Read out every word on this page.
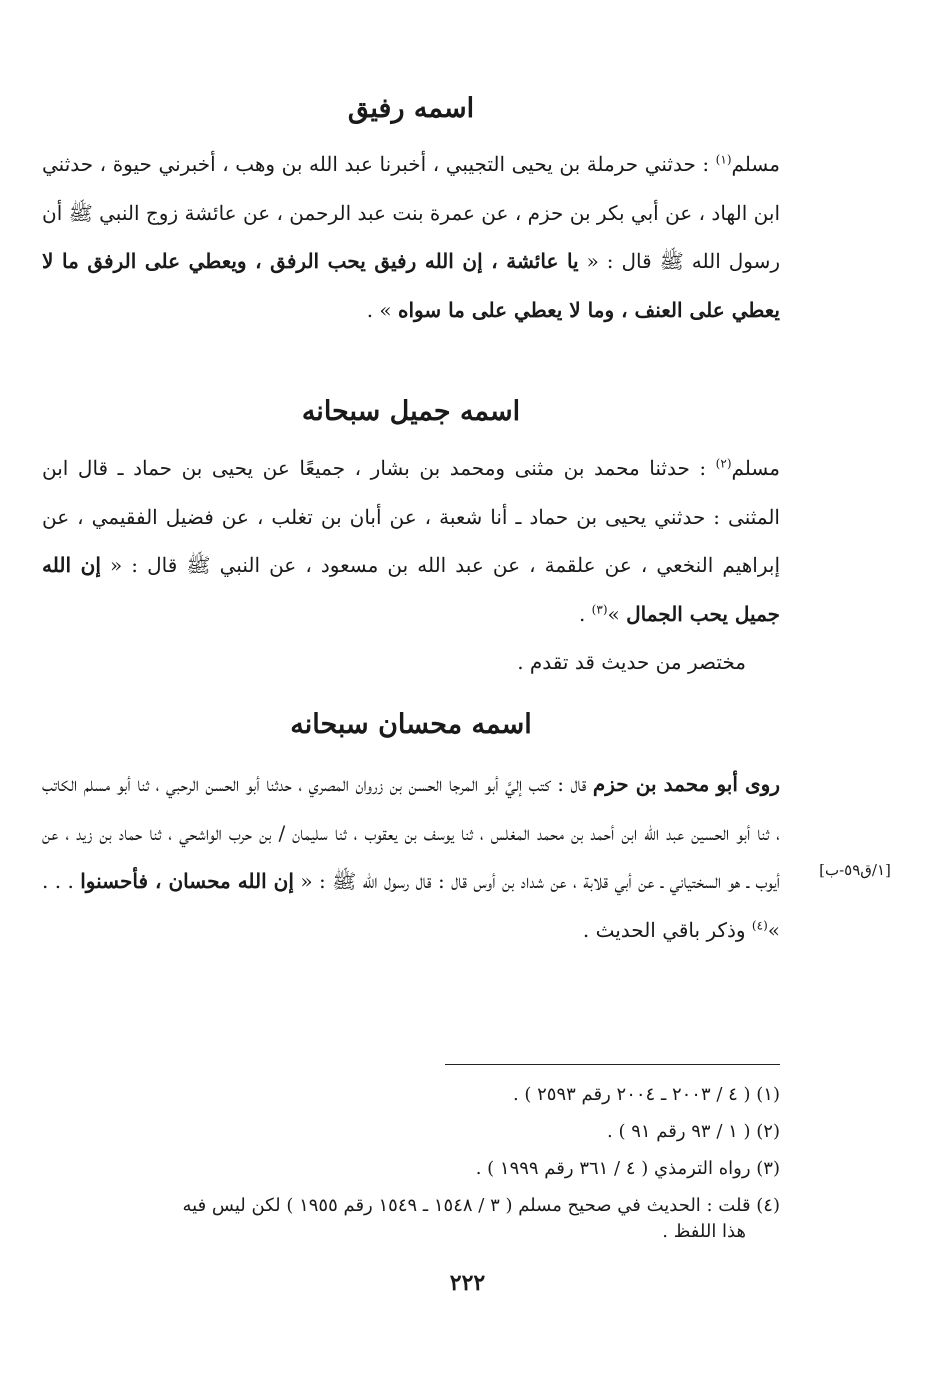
اسمه رفيق

مسلم$^{(١)}$ : حدثني حرملة بن يحيى التجيبي ، أخبرنا عبد الله بن وهب ، أخبرني حيوة ، حدثني ابن الهاد ، عن أبي بكر بن حزم ، عن عمرة بنت عبد الرحمن ، عن عائشة زوج النبي ﷺ أن رسول الله ﷺ قال : « يا عائشة ، إن الله رفيق يحب الرفق ، ويعطي على الرفق ما لا يعطي على العنف ، وما لا يعطي على ما سواه » .

اسمه جميل سبحانه

مسلم$^{(٢)}$ : حدثنا محمد بن مثنى ومحمد بن بشار ، جميعًا عن يحيى بن حماد ـ قال ابن المثنى : حدثني يحيى بن حماد ـ أنا شعبة ، عن أبان بن تغلب ، عن فضيل الفقيمي ، عن إبراهيم النخعي ، عن علقمة ، عن عبد الله بن مسعود ، عن النبي ﷺ قال : « إن الله جميل يحب الجمال »$^{(٣)}$ .

مختصر من حديث قد تقدم .

اسمه محسان سبحانه

روى أبو محمد بن حزم قال : كتب إليَّ أبو المرجا الحسن بن زروان المصري ، حدثنا أبو الحسن الرحبي ، ثنا أبو مسلم الكاتب ، ثنا أبو الحسين عبد الله ابن أحمد بن محمد المغلس ، ثنا يوسف بن يعقوب ، ثنا سليمان / بن حرب الواشحي ، ثنا حماد بن زيد ، عن أيوب ـ هو السختياني ـ عن أبي قلابة ، عن شداد بن أوس قال : قال رسول الله ﷺ : « إن الله محسان ، فأحسنوا . . . »$^{(٤)}$ وذكر باقي الحديث .

[١/ق٥٩-ب]

(١) ( ٤ / ٢٠٠٣ ـ ٢٠٠٤ رقم ٢٥٩٣ ) .

(٢) ( ١ / ٩٣ رقم ٩١ ) .

(٣) رواه الترمذي ( ٤ / ٣٦١ رقم ١٩٩٩ ) .

(٤) قلت : الحديث في صحيح مسلم ( ٣ / ١٥٤٨ ـ ١٥٤٩ رقم ١٩٥٥ ) لكن ليس فيه

هذا اللفظ .

٢٢٢
